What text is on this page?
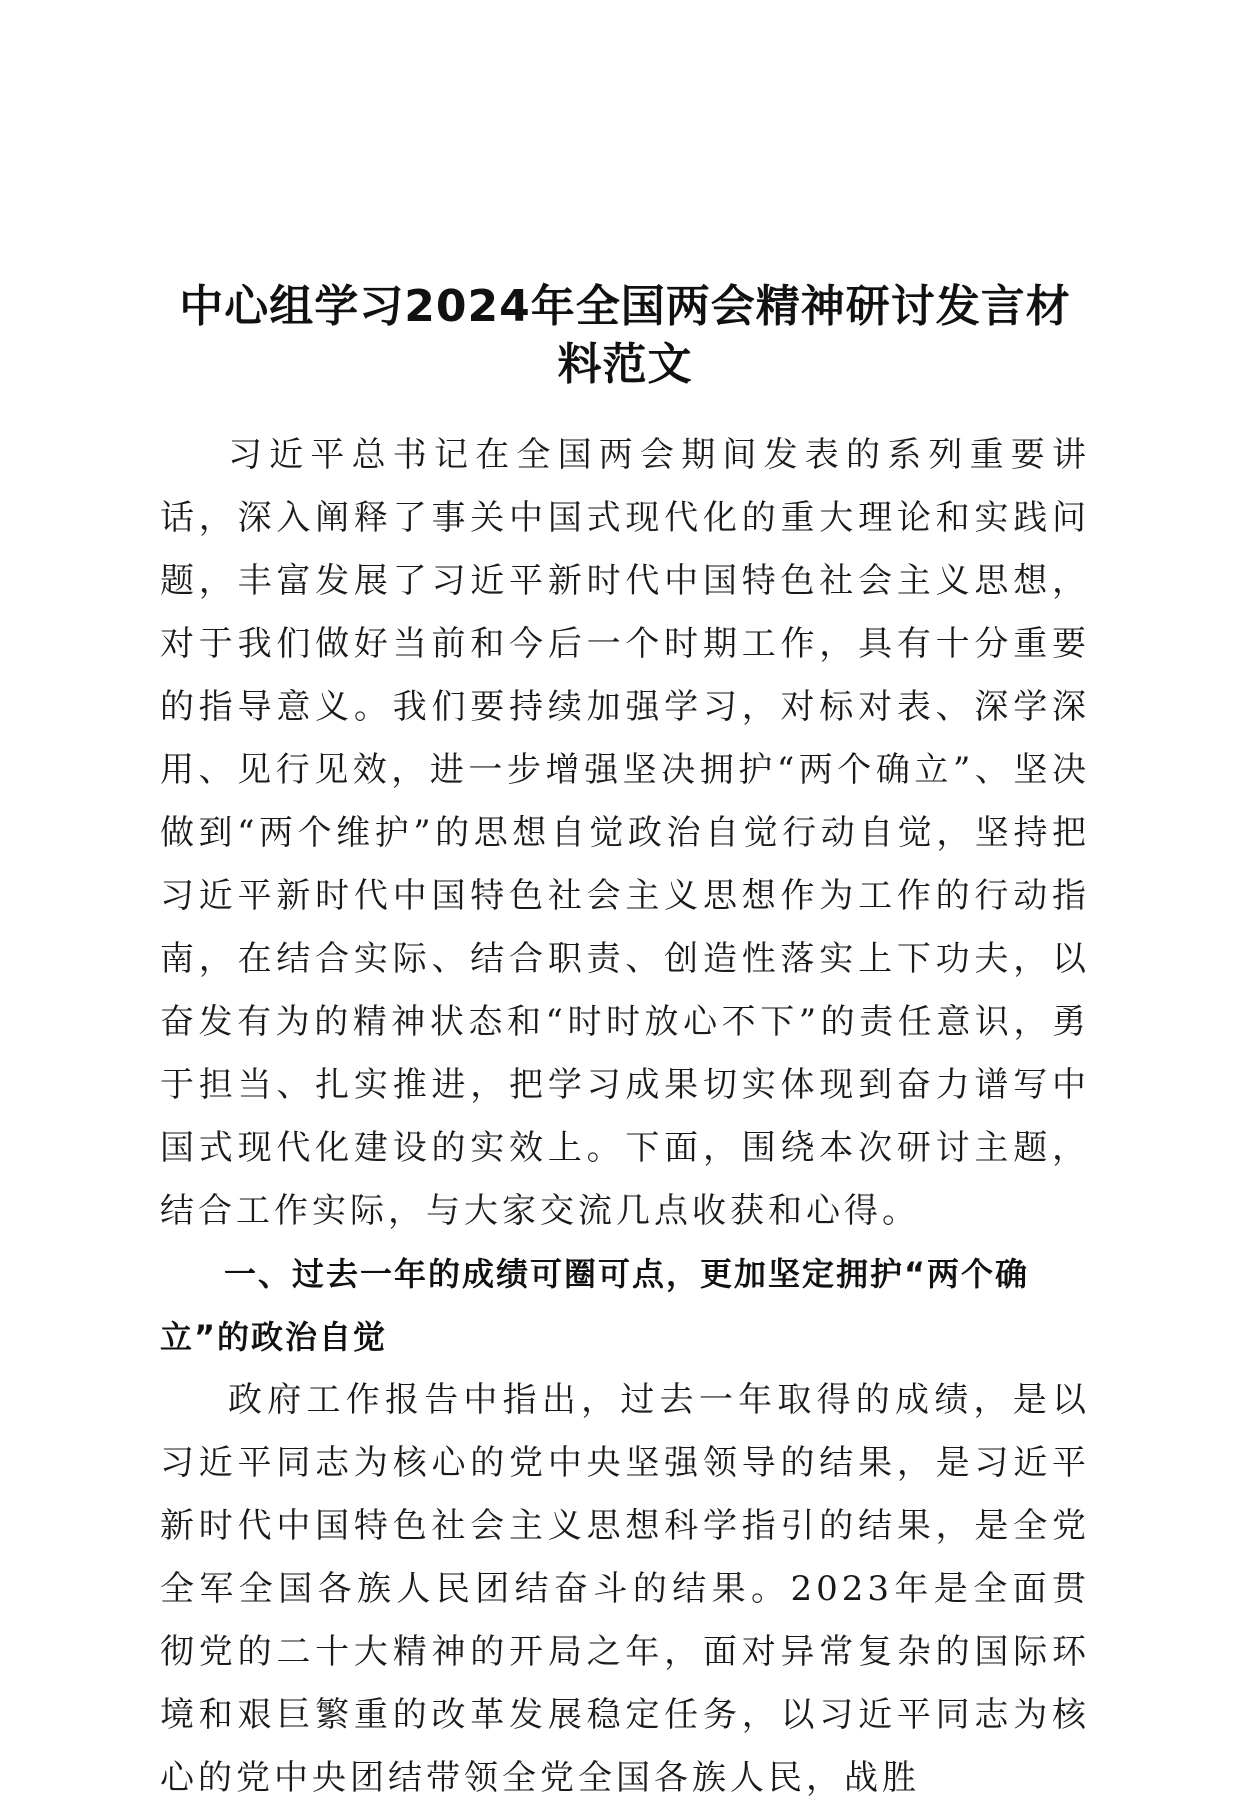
中心组学习2024年全国两会精神研讨发言材料范文

习近平总书记在全国两会期间发表的系列重要讲话，深入阐释了事关中国式现代化的重大理论和实践问题，丰富发展了习近平新时代中国特色社会主义思想，对于我们做好当前和今后一个时期工作，具有十分重要的指导意义。我们要持续加强学习，对标对表、深学深用、见行见效，进一步增强坚决拥护“两个确立”、坚决做到“两个维护”的思想自觉政治自觉行动自觉，坚持把习近平新时代中国特色社会主义思想作为工作的行动指南，在结合实际、结合职责、创造性落实上下功夫，以奋发有为的精神状态和“时时放心不下”的责任意识，勇于担当、扎实推进，把学习成果切实体现到奋力谱写中国式现代化建设的实效上。下面，围绕本次研讨主题，结合工作实际，与大家交流几点收获和心得。

一、过去一年的成绩可圈可点，更加坚定拥护“两个确立”的政治自觉

政府工作报告中指出，过去一年取得的成绩，是以习近平同志为核心的党中央坚强领导的结果，是习近平新时代中国特色社会主义思想科学指引的结果，是全党全军全国各族人民团结奋斗的结果。2023年是全面贯彻党的二十大精神的开局之年，面对异常复杂的国际环境和艰巨繁重的改革发展稳定任务，以习近平同志为核心的党中央团结带领全党全国各族人民，战胜
